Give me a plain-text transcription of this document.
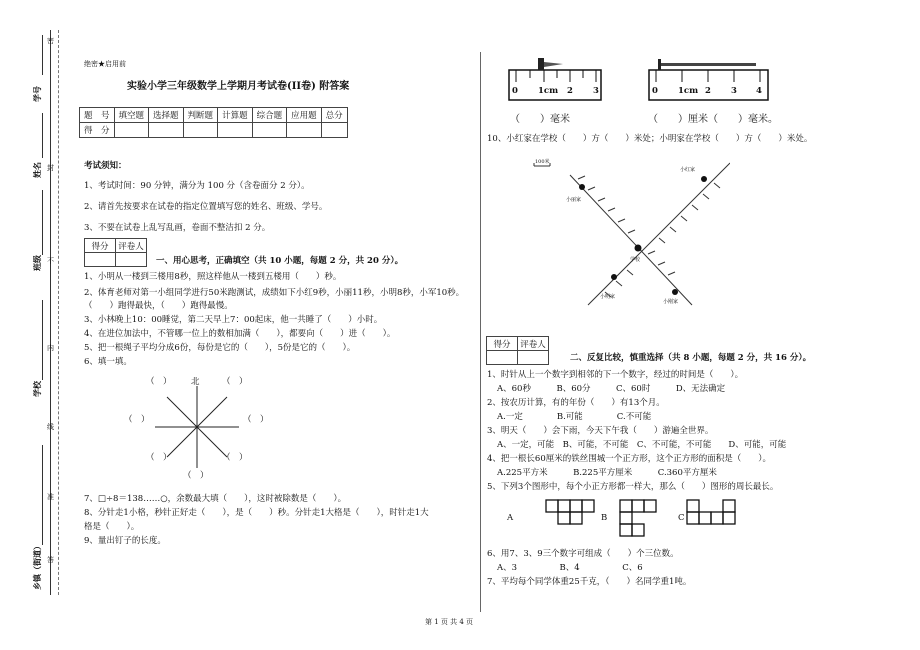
学号
姓名
班级
学校
乡镇（街道）
密
封
线
内
不
准
答
绝密★启用前
实验小学三年级数学上学期月考试卷(II卷) 附答案
题　号	填空题	选择题	判断题	计算题	综合题	应用题	总分
得　分							
考试须知：
1、考试时间：90 分钟，满分为 100 分（含卷面分 2 分）。
2、请首先按要求在试卷的指定位置填写您的姓名、班级、学号。
3、不要在试卷上乱写乱画，卷面不整洁扣 2 分。
得分	评卷人

一、用心思考，正确填空（共 10 小题，每题 2 分，共 20 分）。
1、小明从一楼到三楼用8秒，照这样他从一楼到五楼用（　　）秒。
2、体育老师对第一小组同学进行50米跑测试，成绩如下小红9秒，小丽11秒，小明8秒，小军10秒。
（　　）跑得最快，（　　）跑得最慢。
3、小林晚上10：00睡觉，第二天早上7：00起床，他一共睡了（　　）小时。
4、在进位加法中，不管哪一位上的数相加满（　　），都要向（　　）进（　　）。
5、把一根绳子平均分成6份，每份是它的（　　），5份是它的（　　）。
6、填一填。
（　） 北	（　）
（　）	（　）
（　）	（　）
（　）
7、□÷8＝138……○，余数最大填（　　），这时被除数是（　　）。
8、分针走1小格，秒针正好走（　　），是（　　）秒。分针走1大格是（　　），时针走1大
格是（　　）。
9、量出钉子的长度。
0 1cm 2 3	0 1cm 2 3 4
（　　）毫米	（　　）厘米（　　）毫米。
10、小红家在学校（　　）方（　　）米处；小明家在学校（　　）方（　　）米处。
100米
小红家
小丽家
学校
小明家
小刚家
得分	评卷人

二、反复比较，慎重选择（共 8 小题，每题 2 分，共 16 分）。
1、时针从上一个数字到相邻的下一个数字，经过的时间是（　　）。
A、60秒　　　B、60分　　　C、60时　　　D、无法确定
2、按农历计算，有的年份（　　）有13个月。
A.一定　　　　B.可能　　　　C.不可能
3、明天（　　）会下雨，今天下午我（　　）游遍全世界。
A、一定，可能　B、可能，不可能　C、不可能，不可能　　D、可能，可能
4、把一根长60厘米的铁丝围城一个正方形，这个正方形的面积是（　　）。
A.225平方米　　　B.225平方厘米　　　C.360平方厘米
5、下列3个图形中，每个小正方形都一样大，那么（　　）图形的周长最长。
A	B	C
6、用7、3、9三个数字可组成（　　）个三位数。
A、3　　　　　B、4　　　　　C、6
7、平均每个同学体重25千克，（　　）名同学重1吨。
第 1 页 共 4 页
